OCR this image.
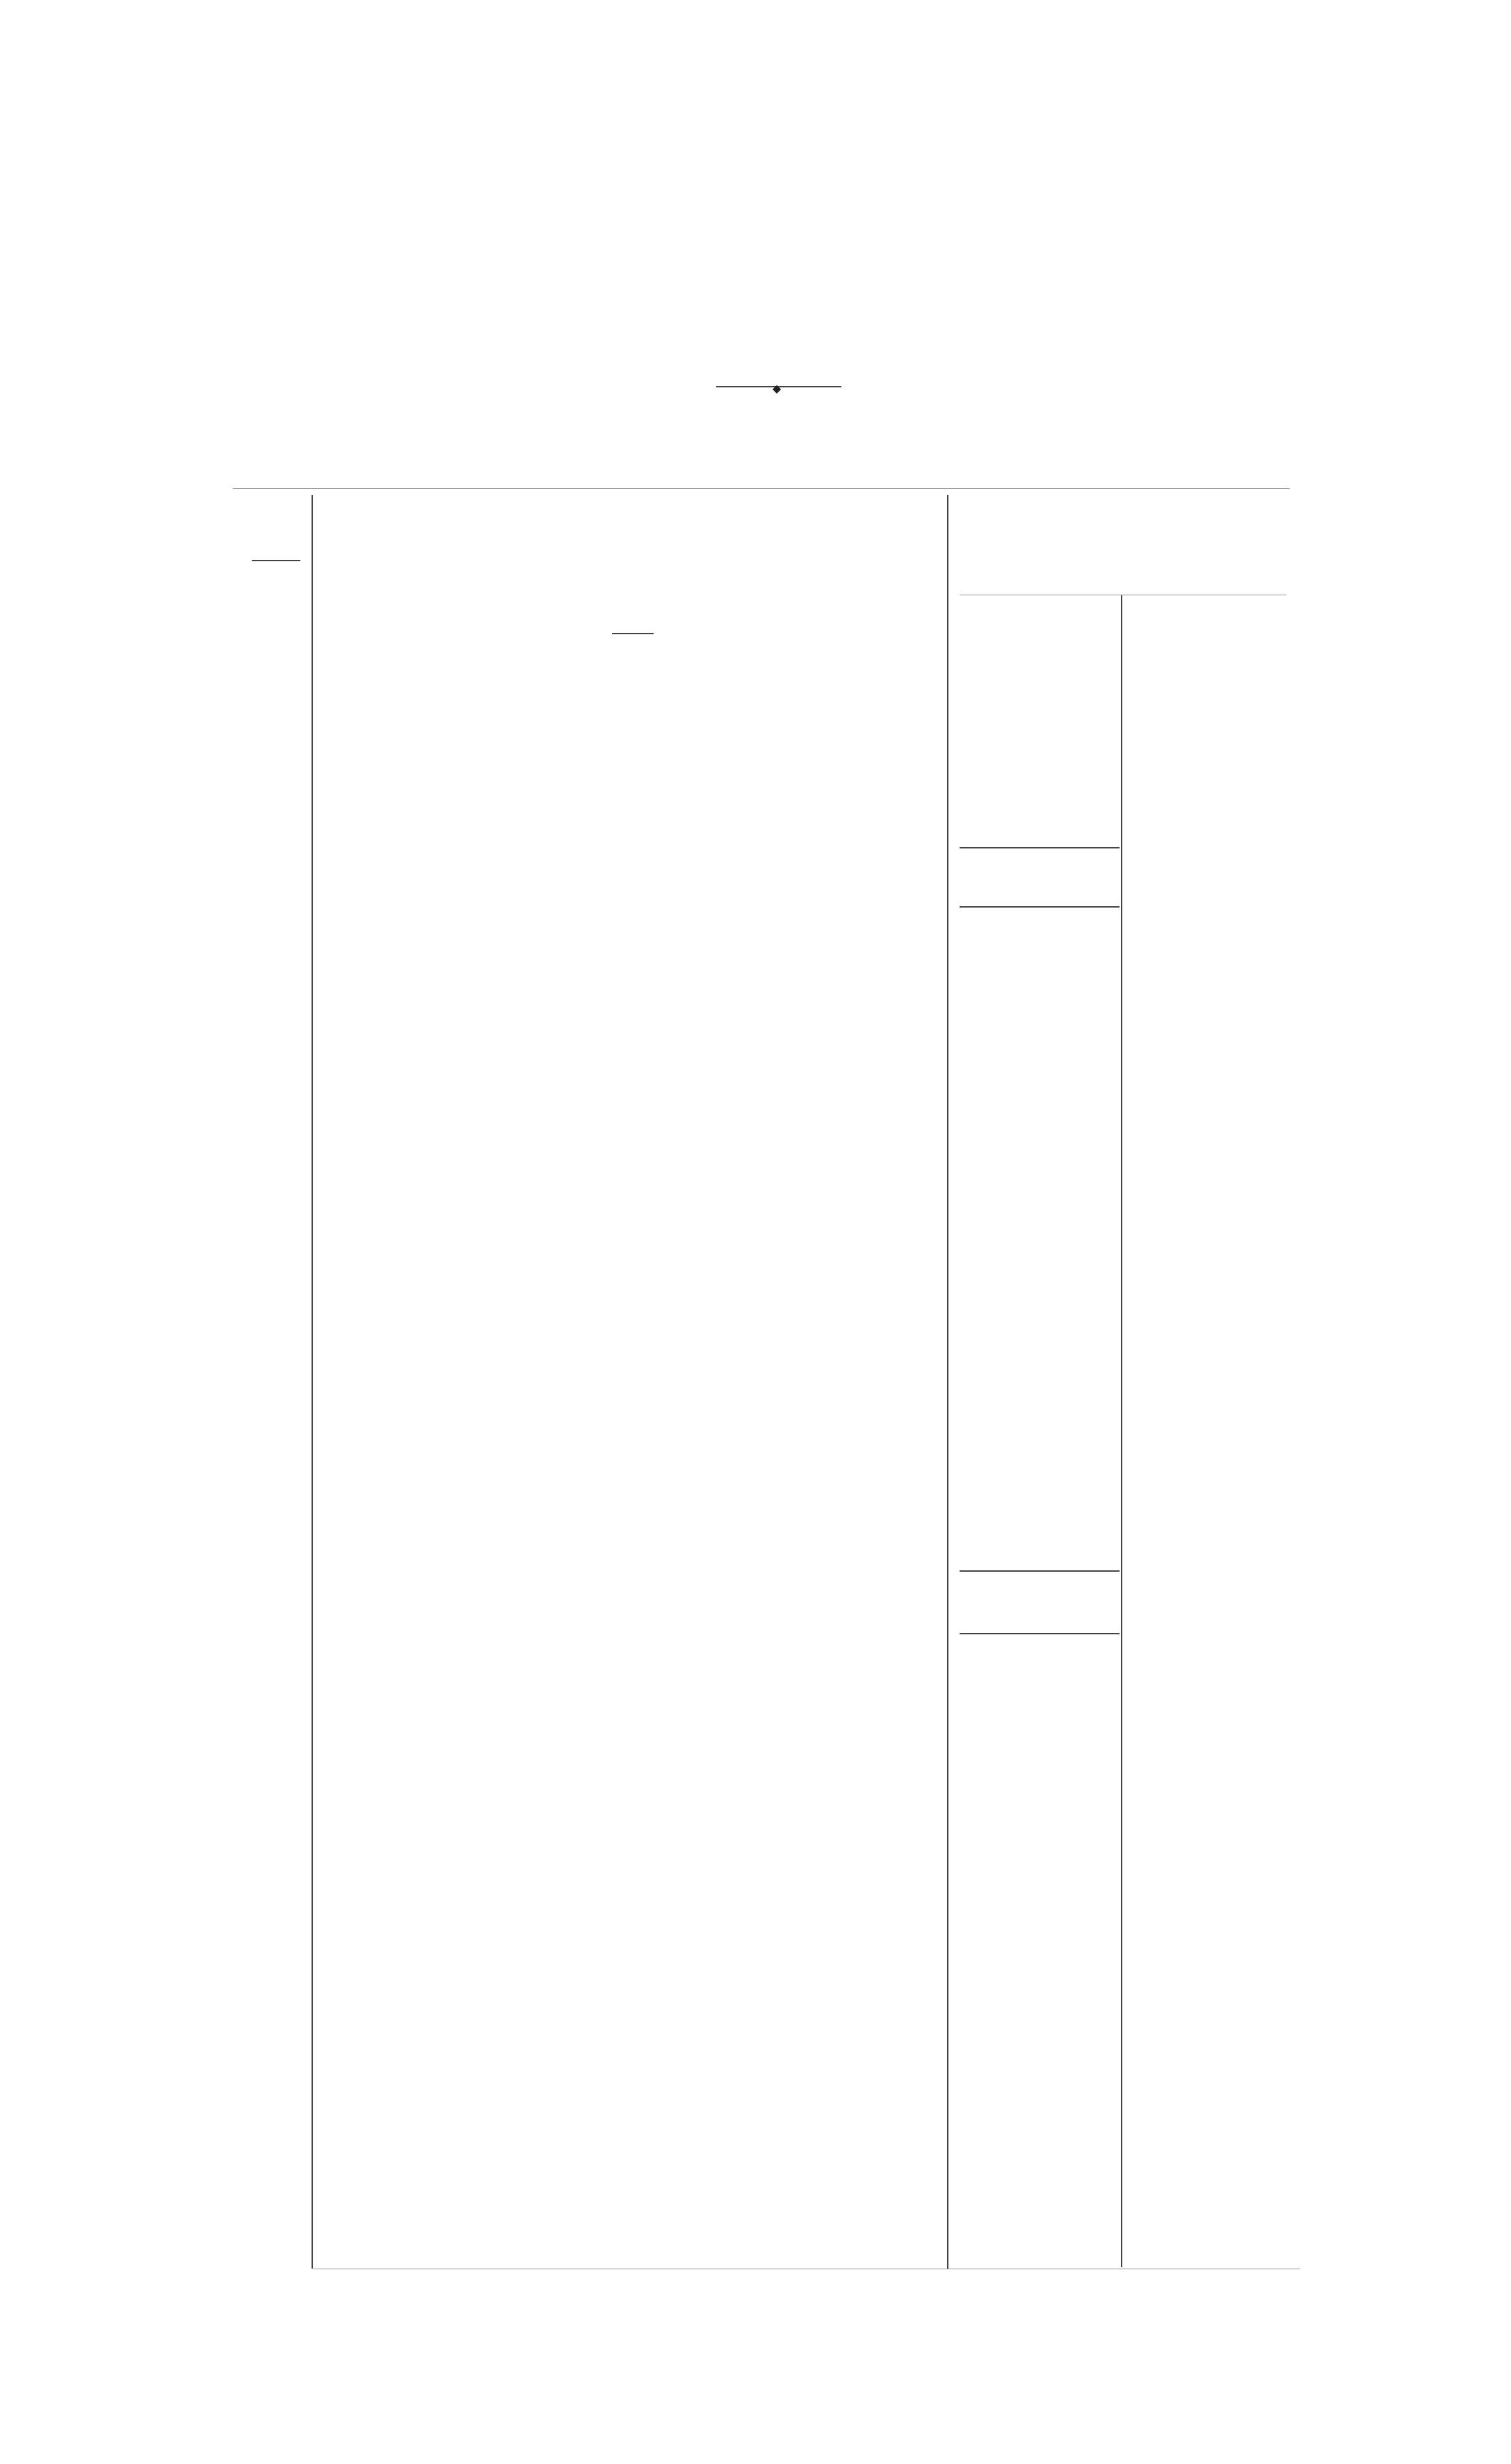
◆
